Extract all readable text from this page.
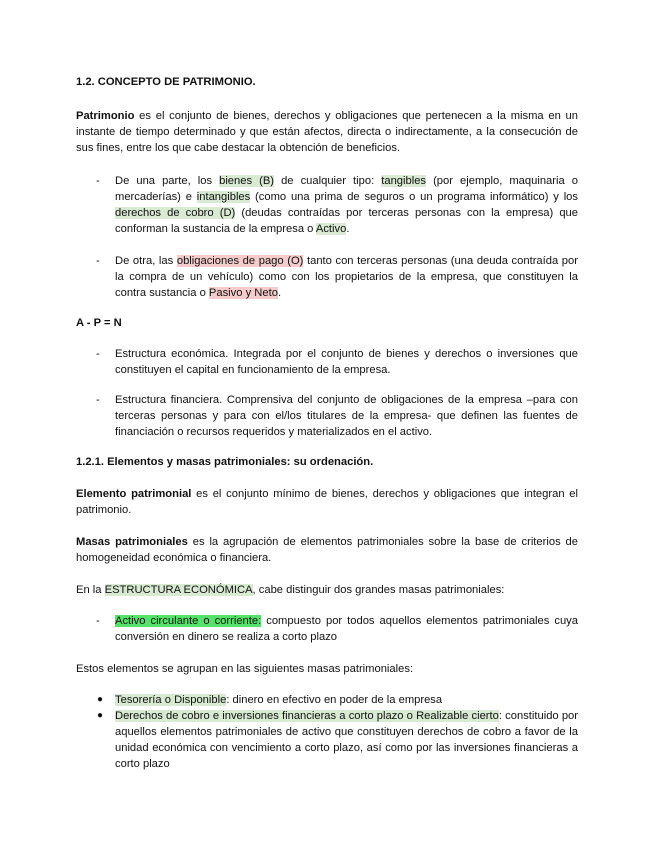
1.2. CONCEPTO DE PATRIMONIO.

Patrimonio es el conjunto de bienes, derechos y obligaciones que pertenecen a la misma en un instante de tiempo determinado y que están afectos, directa o indirectamente, a la consecución de sus fines, entre los que cabe destacar la obtención de beneficios.

- De una parte, los bienes (B) de cualquier tipo: tangibles (por ejemplo, maquinaria o mercaderías) e intangibles (como una prima de seguros o un programa informático) y los derechos de cobro (D) (deudas contraídas por terceras personas con la empresa) que conforman la sustancia de la empresa o Activo.
- De otra, las obligaciones de pago (O) tanto con terceras personas (una deuda contraída por la compra de un vehículo) como con los propietarios de la empresa, que constituyen la contra sustancia o Pasivo y Neto.

A - P = N

- Estructura económica. Integrada por el conjunto de bienes y derechos o inversiones que constituyen el capital en funcionamiento de la empresa.
- Estructura financiera. Comprensiva del conjunto de obligaciones de la empresa –para con terceras personas y para con el/los titulares de la empresa- que definen las fuentes de financiación o recursos requeridos y materializados en el activo.

1.2.1. Elementos y masas patrimoniales: su ordenación.

Elemento patrimonial es el conjunto mínimo de bienes, derechos y obligaciones que integran el patrimonio.

Masas patrimoniales es la agrupación de elementos patrimoniales sobre la base de criterios de homogeneidad económica o financiera.

En la ESTRUCTURA ECONÓMICA, cabe distinguir dos grandes masas patrimoniales:

- Activo circulante o corriente: compuesto por todos aquellos elementos patrimoniales cuya conversión en dinero se realiza a corto plazo

Estos elementos se agrupan en las siguientes masas patrimoniales:

● Tesorería o Disponible: dinero en efectivo en poder de la empresa
● Derechos de cobro e inversiones financieras a corto plazo o Realizable cierto: constituido por aquellos elementos patrimoniales de activo que constituyen derechos de cobro a favor de la unidad económica con vencimiento a corto plazo, así como por las inversiones financieras a corto plazo
